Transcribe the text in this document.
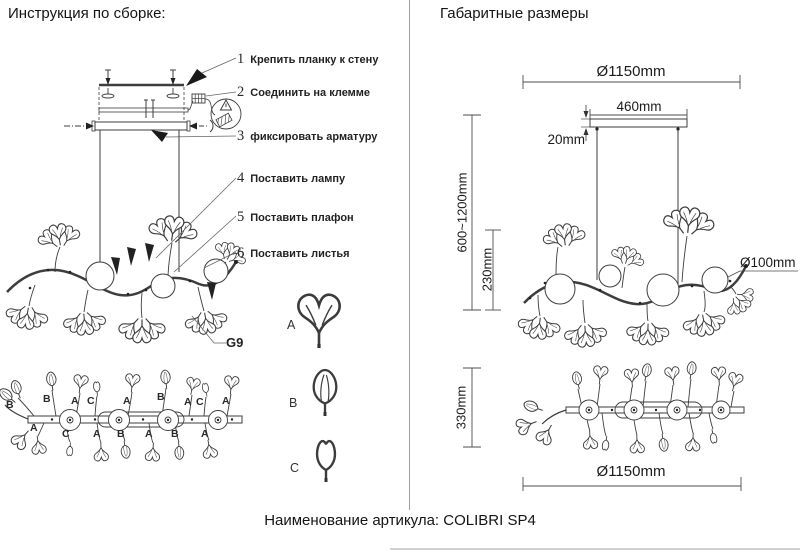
Инструкция по сборке:	Габаритные размеры
1 Крепить планку к стену
2 Соединить на клемме
3 фиксировать арматуру
4 Поставить лампу
5 Поставить плафон
6 Поставить листья
G9
A
B
C
B	B A C	A	B A C A
A C A B A B A
Ø1150mm
460mm
20mm
600~1200mm
230mm	Ø100mm
330mm
Ø1150mm
Наименование артикула: COLIBRI SP4
